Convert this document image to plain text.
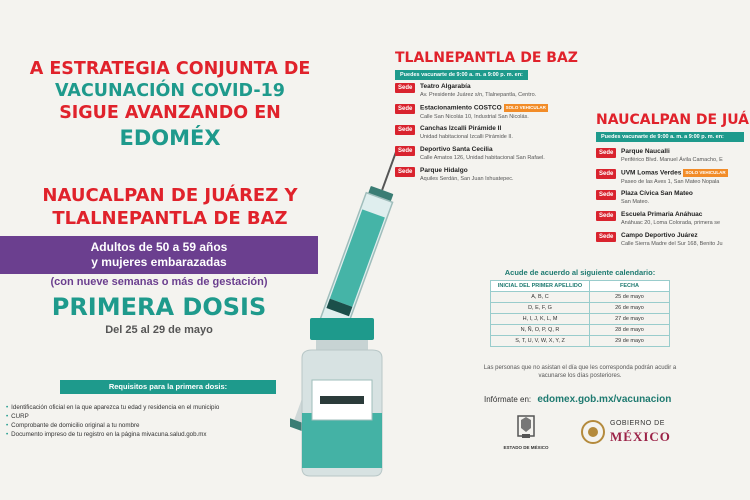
A ESTRATEGIA CONJUNTA DE
VACUNACIÓN COVID-19
SIGUE AVANZANDO EN
EDOMÉX
NAUCALPAN DE JUÁREZ Y
TLALNEPANTLA DE BAZ
Adultos de 50 a 59 años
y mujeres embarazadas
(con nueve semanas o más de gestación)
PRIMERA DOSIS
Del 25 al 29 de mayo
Requisitos para la primera dosis:
• Identificación oficial en la que aparezca tu edad y residencia en el municipio
• CURP
• Comprobante de domicilio original a tu nombre
• Documento impreso de tu registro en la página mivacuna.salud.gob.mx
TLALNEPANTLA DE BAZ
Puedes vacunarte de 9:00 a. m. a 9:00 p. m. en:
Sede	Teatro Algarabía
Av. Presidente Juárez s/n, Tlalnepantla, Centro.
Sede	Estacionamiento COSTCO SOLO VEHICULAR
Calle San Nicolás 10, Industrial San Nicolás.
Sede	Canchas Izcalli Pirámide II
Unidad habitacional Izcalli Pirámide II.
Sede	Deportivo Santa Cecilia
Calle Amatos 126, Unidad habitacional San Rafael.
Sede	Parque Hidalgo
Aquiles Serdán, San Juan Ixhuatepec.
NAUCALPAN DE JUÁ
Puedes vacunarte de 9:00 a. m. a 9:00 p. m. en:
Sede	Parque Naucalli
Periférico Blvd. Manuel Ávila Camacho, E
Sede	UVM Lomas Verdes SOLO VEHICULAR
Paseo de las Aves 1, San Mateo Nopala
Sede	Plaza Cívica San Mateo
San Mateo.
Sede	Escuela Primaria Anáhuac
Anáhuac 20, Loma Colorada, primera se
Sede	Campo Deportivo Juárez
Calle Sierra Madre del Sur 168, Benito Ju
Acude de acuerdo al siguiente calendario:
INICIAL DEL PRIMER APELLIDO	FECHA
A, B, C	25 de mayo
D, E, F, G	26 de mayo
H, I, J, K, L, M	27 de mayo
N, Ñ, O, P, Q, R	28 de mayo
S, T, U, V, W, X, Y, Z	29 de mayo
Las personas que no asistan el día que les corresponda podrán acudir a
vacunarse los días posteriores.
Infórmate en: edomex.gob.mx/vacunacion
ESTADO DE MÉXICO
GOBIERNO DE
MÉXICO
